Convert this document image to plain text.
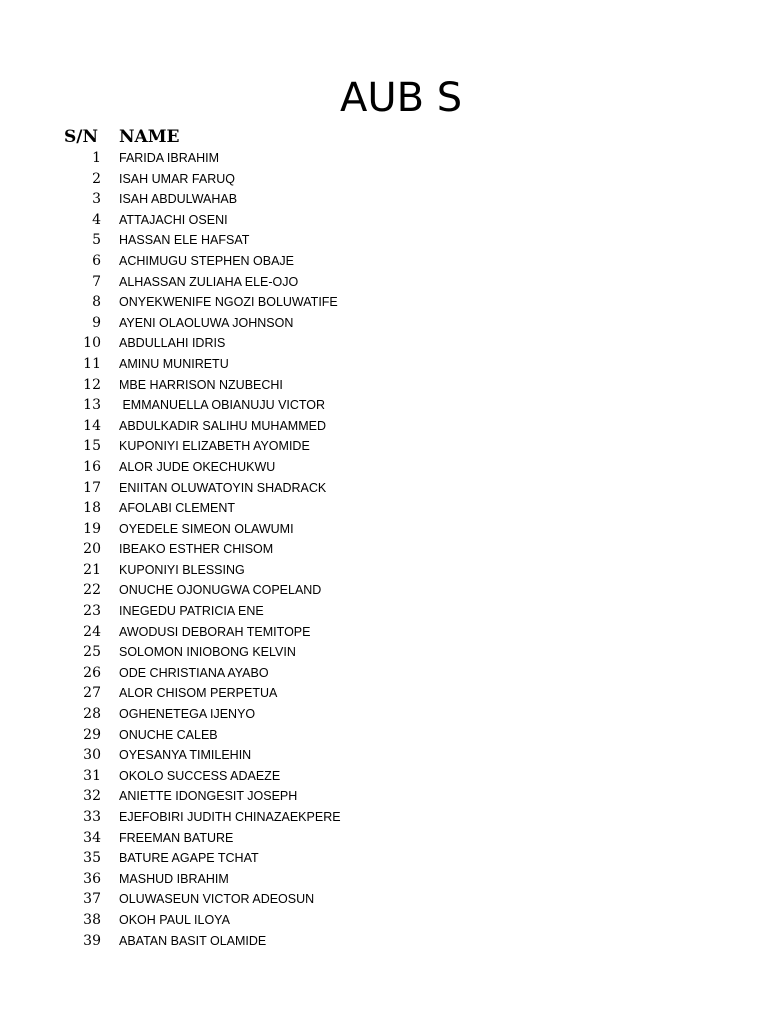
AUB S
S/N NAME
1 FARIDA IBRAHIM
2 ISAH UMAR FARUQ
3 ISAH ABDULWAHAB
4 ATTAJACHI OSENI
5 HASSAN ELE HAFSAT
6 ACHIMUGU STEPHEN OBAJE
7 ALHASSAN ZULIAHA ELE-OJO
8 ONYEKWENIFE NGOZI BOLUWATIFE
9 AYENI OLAOLUWA JOHNSON
10 ABDULLAHI IDRIS
11 AMINU MUNIRETU
12 MBE HARRISON NZUBECHI
13 EMMANUELLA OBIANUJU VICTOR
14 ABDULKADIR SALIHU MUHAMMED
15 KUPONIYI ELIZABETH AYOMIDE
16 ALOR JUDE OKECHUKWU
17 ENIITAN OLUWATOYIN SHADRACK
18 AFOLABI CLEMENT
19 OYEDELE SIMEON OLAWUMI
20 IBEAKO ESTHER CHISOM
21 KUPONIYI BLESSING
22 ONUCHE OJONUGWA COPELAND
23 INEGEDU PATRICIA ENE
24 AWODUSI DEBORAH TEMITOPE
25 SOLOMON INIOBONG KELVIN
26 ODE CHRISTIANA AYABO
27 ALOR CHISOM PERPETUA
28 OGHENETEGA IJENYO
29 ONUCHE CALEB
30 OYESANYA TIMILEHIN
31 OKOLO SUCCESS ADAEZE
32 ANIETTE IDONGESIT JOSEPH
33 EJEFOBIRI JUDITH CHINAZAEKPERE
34 FREEMAN BATURE
35 BATURE AGAPE TCHAT
36 MASHUD IBRAHIM
37 OLUWASEUN VICTOR ADEOSUN
38 OKOH PAUL ILOYA
39 ABATAN BASIT OLAMIDE
